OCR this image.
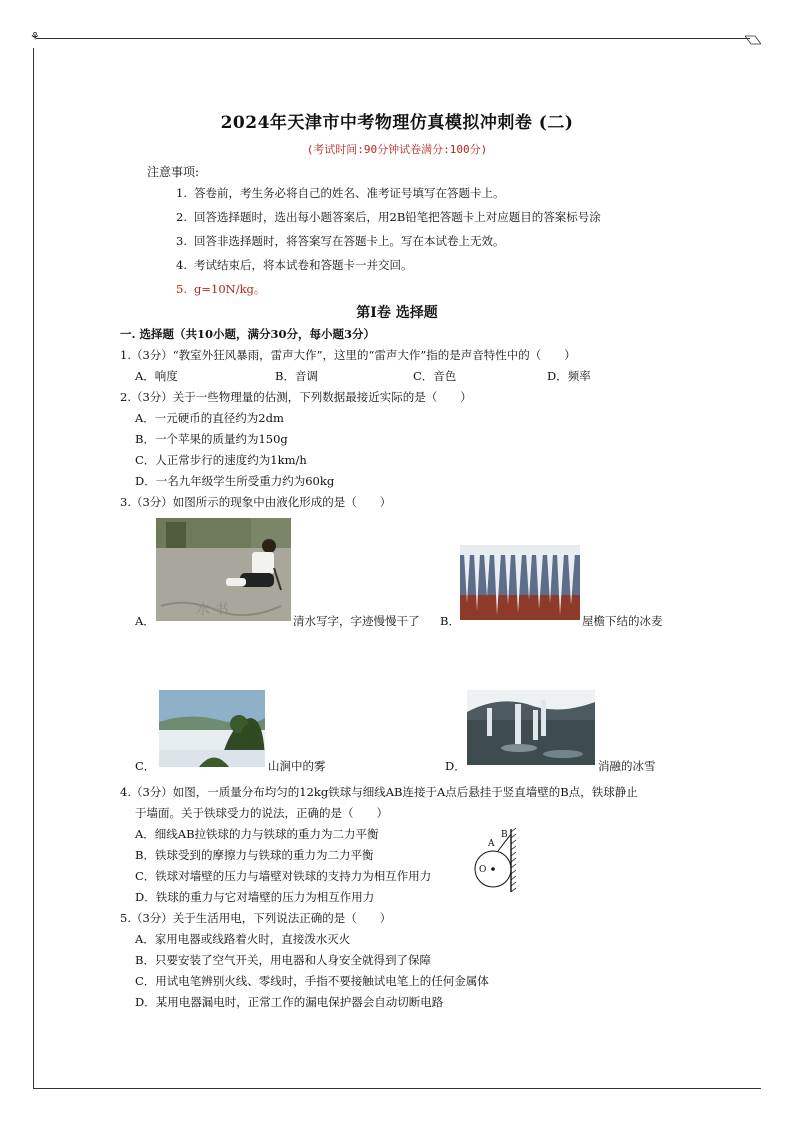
⚘
2024年天津市中考物理仿真模拟冲刺卷 (二)
(考试时间:90分钟试卷满分:100分)
注意事项:
1. 答卷前，考生务必将自己的姓名、准考证号填写在答题卡上。
2. 回答选择题时，选出每小题答案后，用2B铅笔把答题卡上对应题目的答案标号涂
3. 回答非选择题时，将答案写在答题卡上。写在本试卷上无效。
4. 考试结束后，将本试卷和答题卡一并交回。
5. g=10N/kg。
第Ⅰ卷 选择题
一. 选择题（共10小题，满分30分，每小题3分）
1.（3分）“教室外狂风暴雨，雷声大作”，这里的“雷声大作”指的是声音特性中的（　　）
A．响度	B．音调	C．音色	D．频率
2.（3分）关于一些物理量的估测，下列数据最接近实际的是（　　）
A．一元硬币的直径约为2dm
B．一个苹果的质量约为150g
C．人正常步行的速度约为1km/h
D．一名九年级学生所受重力约为60kg
3.（3分）如图所示的现象中由液化形成的是（　　）
A．
水 书
清水写字，字迹慢慢干了 B．	屋檐下结的冰麦
C．	山涧中的雾	D．	消融的冰雪
4.（3分）如图，一质量分布均匀的12kg铁球与细线AB连接于A点后悬挂于竖直墙壁的B点，铁球静止
于墙面。关于铁球受力的说法，正确的是（　　）
A．细线AB拉铁球的力与铁球的重力为二力平衡
B．铁球受到的摩擦力与铁球的重力为二力平衡
C．铁球对墙壁的压力与墙壁对铁球的支持力为相互作用力
D．铁球的重力与它对墙壁的压力为相互作用力
A
B
O
5.（3分）关于生活用电，下列说法正确的是（　　）
A．家用电器或线路着火时，直接泼水灭火
B．只要安装了空气开关，用电器和人身安全就得到了保障
C．用试电笔辨别火线、零线时，手指不要接触试电笔上的任何金属体
D．某用电器漏电时，正常工作的漏电保护器会自动切断电路
